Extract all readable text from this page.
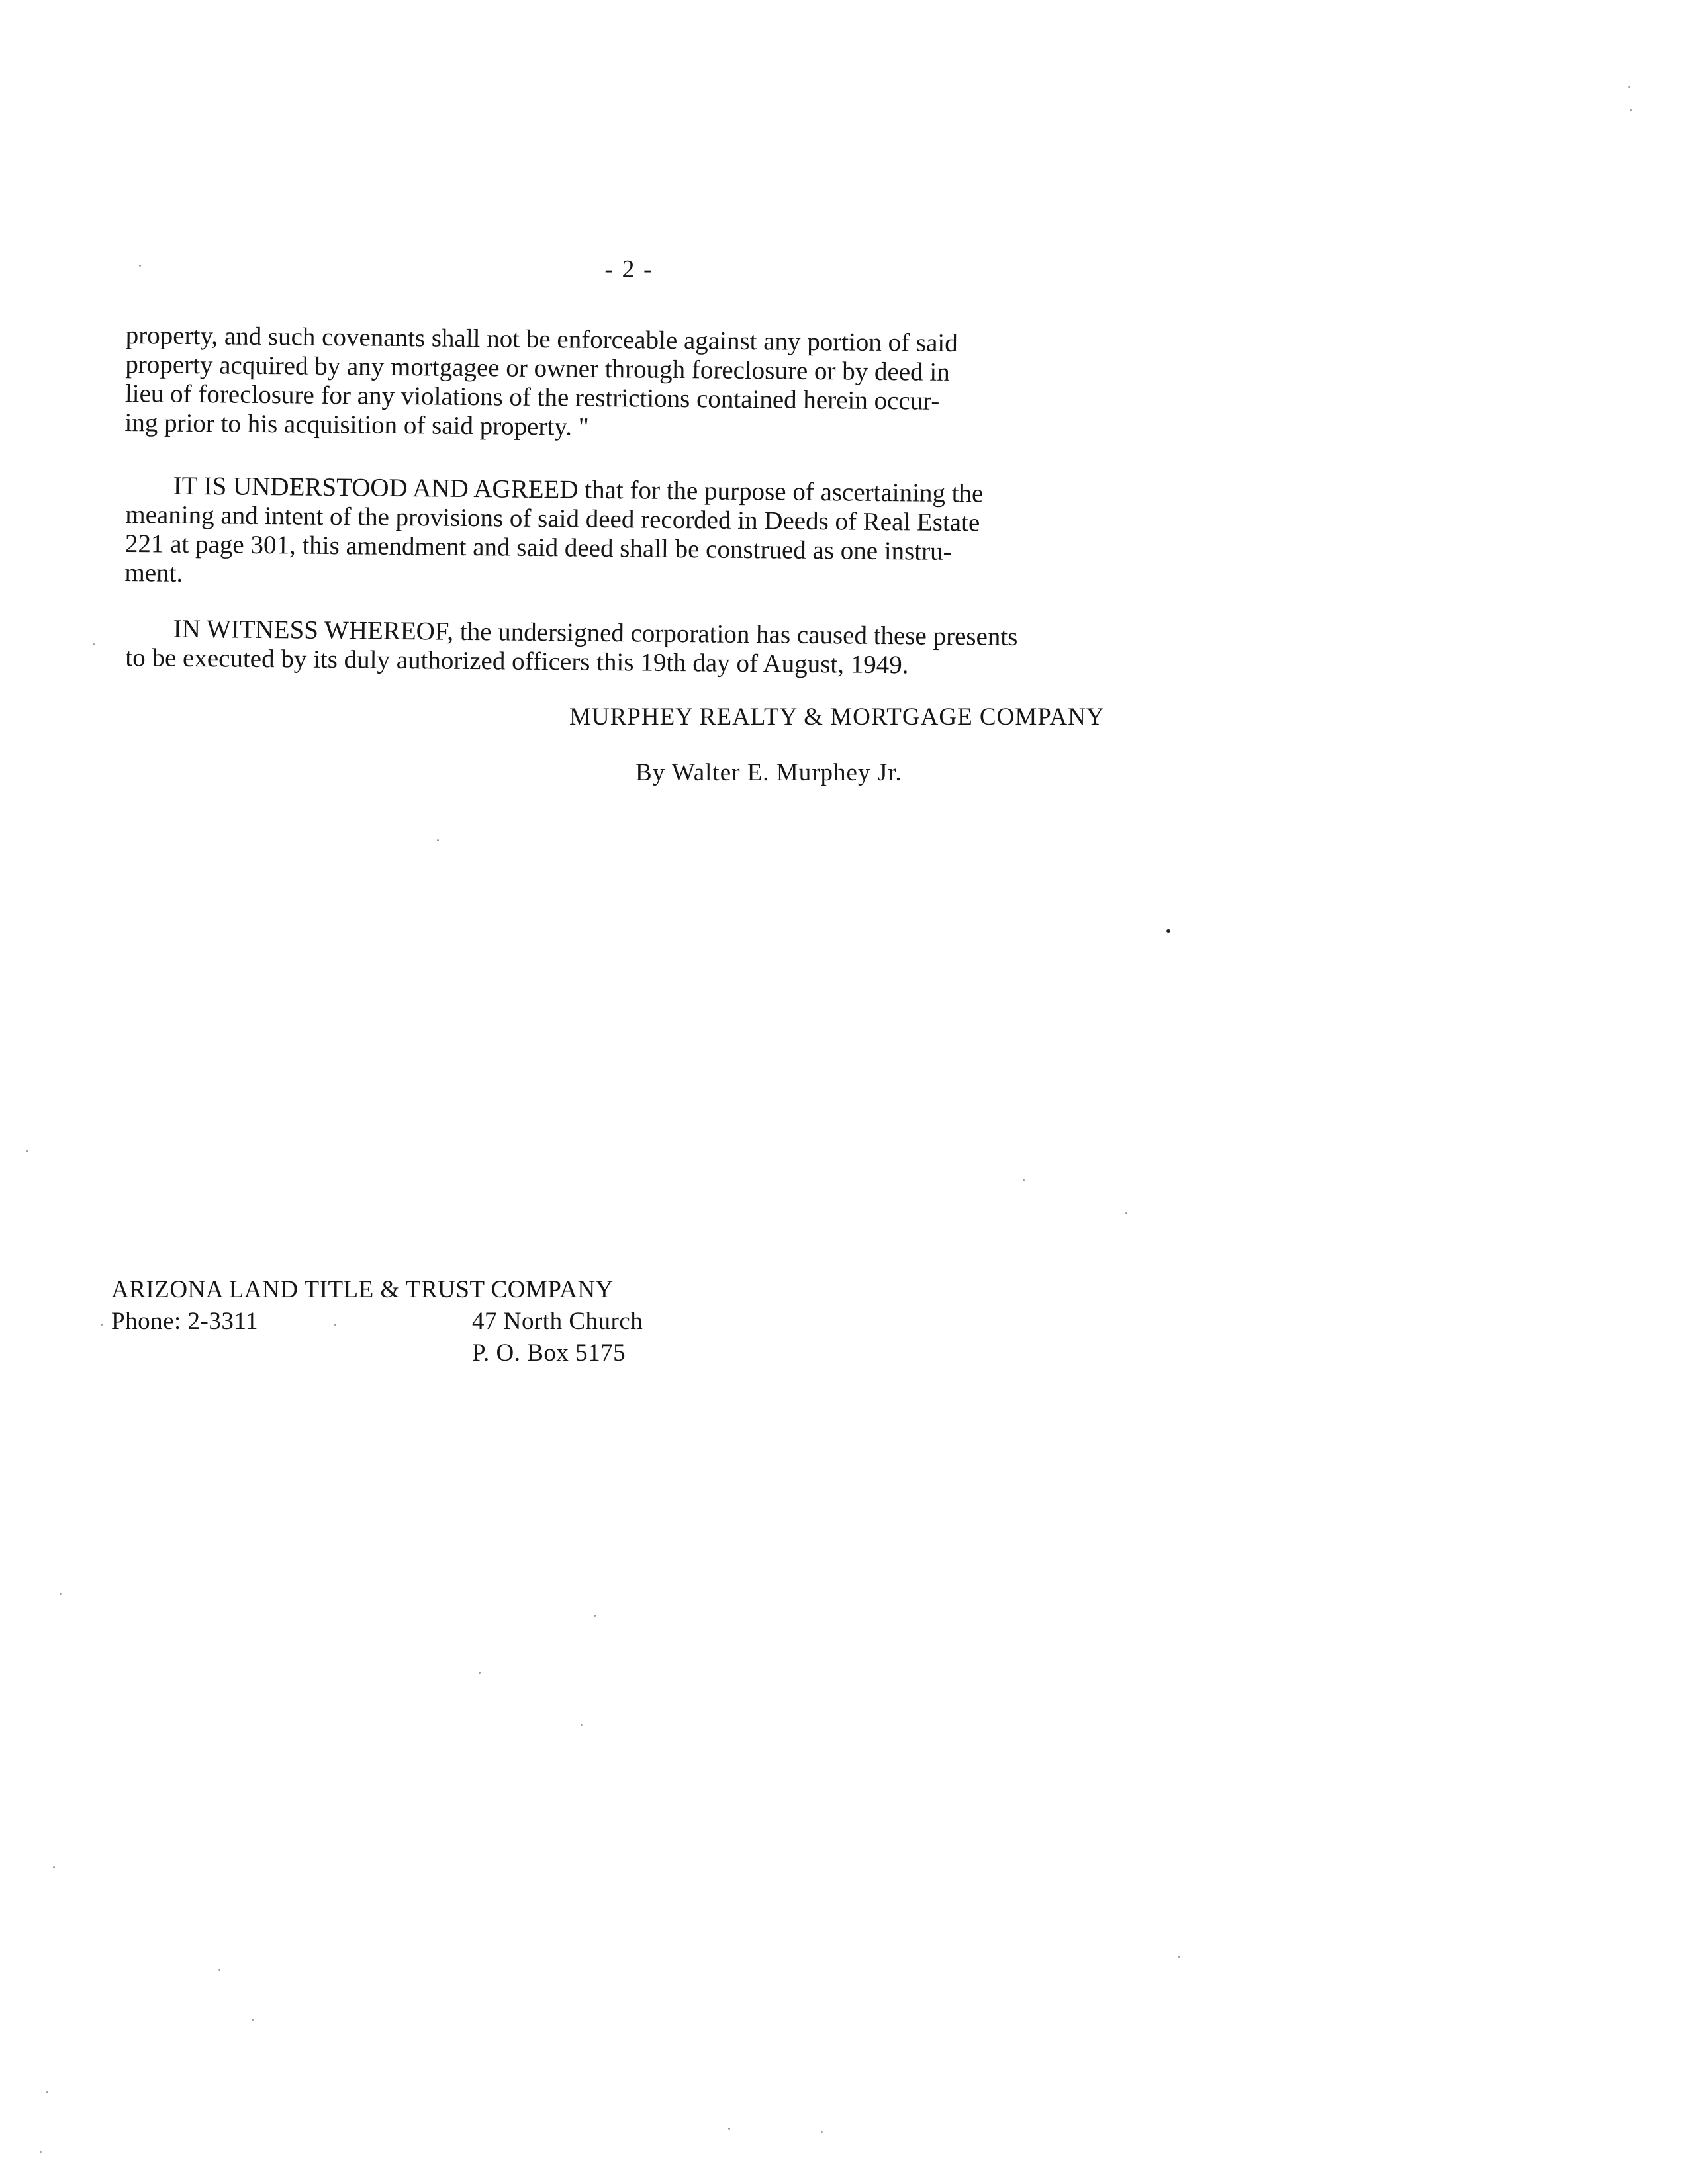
- 2 -
property, and such covenants shall not be enforceable against any portion of said
property acquired by any mortgagee or owner through foreclosure or by deed in
lieu of foreclosure for any violations of the restrictions contained herein occur-
ing prior to his acquisition of said property. "
IT IS UNDERSTOOD AND AGREED that for the purpose of ascertaining the
meaning and intent of the provisions of said deed recorded in Deeds of Real Estate
221 at page 301, this amendment and said deed shall be construed as one instru-
ment.
IN WITNESS WHEREOF, the undersigned corporation has caused these presents
to be executed by its duly authorized officers this 19th day of August, 1949.
MURPHEY REALTY & MORTGAGE COMPANY
By Walter E. Murphey Jr.
ARIZONA LAND TITLE & TRUST COMPANY
Phone: 2-3311	47 North Church
P. O. Box 5175
